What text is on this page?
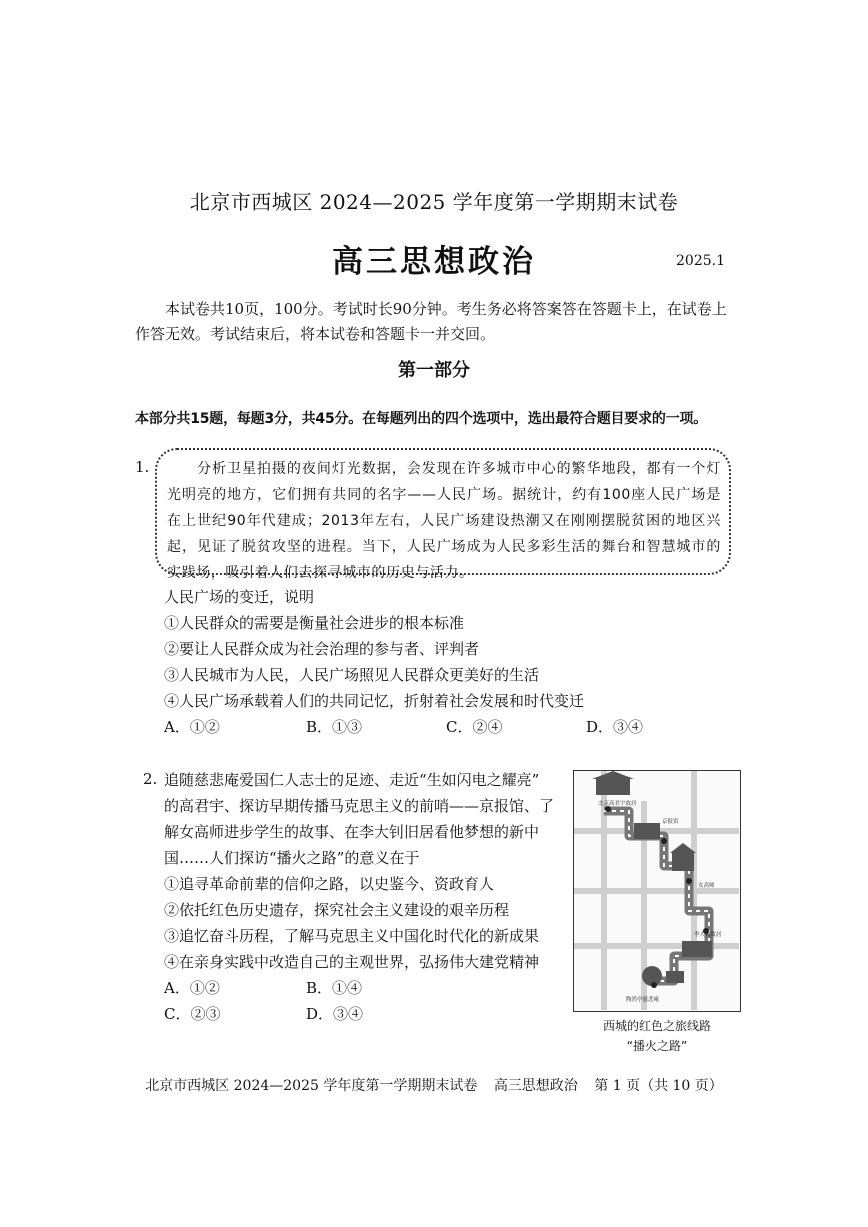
北京市西城区 2024—2025 学年度第一学期期末试卷
高三思想政治	2025.1
本试卷共10页，100分。考试时长90分钟。考生务必将答案答在答题卡上，在试卷上作答无效。考试结束后，将本试卷和答题卡一并交回。
第一部分
本部分共15题，每题3分，共45分。在每题列出的四个选项中，选出最符合题目要求的一项。
1.	分析卫星拍摄的夜间灯光数据，会发现在许多城市中心的繁华地段，都有一个灯光明亮的地方，它们拥有共同的名字——人民广场。据统计，约有100座人民广场是在上世纪90年代建成；2013年左右，人民广场建设热潮又在刚刚摆脱贫困的地区兴起，见证了脱贫攻坚的进程。当下，人民广场成为人民多彩生活的舞台和智慧城市的实践场，吸引着人们去探寻城市的历史与活力。
人民广场的变迁，说明
①人民群众的需要是衡量社会进步的根本标准
②要让人民群众成为社会治理的参与者、评判者
③人民城市为人民，人民广场照见人民群众更美好的生活
④人民广场承载着人们的共同记忆，折射着社会发展和时代变迁
A．①②	B．①③	C．②④	D．③④
2. 追随慈悲庵爱国仁人志士的足迹、走近“生如闪电之耀亮”
的高君宇、探访早期传播马克思主义的前哨——京报馆、了
解女高师进步学生的故事、在李大钊旧居看他梦想的新中
国……人们探访“播火之路”的意义在于
①追寻革命前辈的信仰之路，以史鉴今、资政育人
②依托红色历史遗存，探究社会主义建设的艰辛历程
③追忆奋斗历程，了解马克思主义中国化时代化的新成果
④在亲身实践中改造自己的主观世界，弘扬伟大建党精神
A．①②	B．①④
C．②③	D．③④
北京高君宇故居
京报馆
女高师
李大钊故居
陶然亭慈悲庵
西城的红色之旅线路
“播火之路”
北京市西城区 2024—2025 学年度第一学期期末试卷 高三思想政治 第 1 页（共 10 页）
